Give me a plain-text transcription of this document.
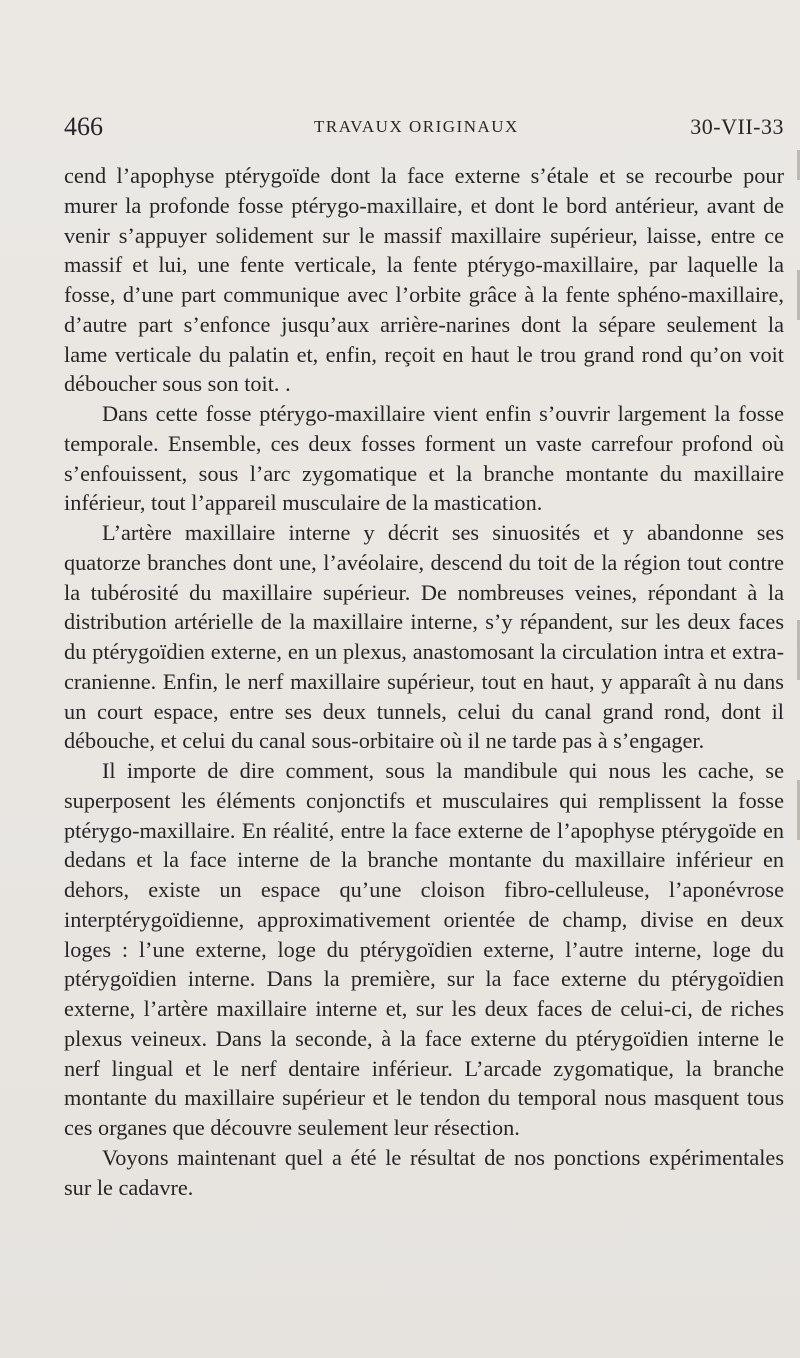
466	TRAVAUX ORIGINAUX	30-VII-33

cend l’apophyse ptérygoïde dont la face externe s’étale et se recourbe pour murer la profonde fosse ptérygo-maxillaire, et dont le bord antérieur, avant de venir s’appuyer solidement sur le massif maxillaire supérieur, laisse, entre ce massif et lui, une fente verticale, la fente ptérygo-maxillaire, par laquelle la fosse, d’une part communique avec l’orbite grâce à la fente sphéno-maxillaire, d’autre part s’enfonce jusqu’aux arrière-narines dont la sépare seulement la lame verticale du palatin et, enfin, reçoit en haut le trou grand rond qu’on voit déboucher sous son toit. .

Dans cette fosse ptérygo-maxillaire vient enfin s’ouvrir largement la fosse temporale. Ensemble, ces deux fosses forment un vaste carrefour profond où s’enfouissent, sous l’arc zygomatique et la branche montante du maxillaire inférieur, tout l’appareil musculaire de la mastication.

L’artère maxillaire interne y décrit ses sinuosités et y abandonne ses quatorze branches dont une, l’avéolaire, descend du toit de la région tout contre la tubérosité du maxillaire supérieur. De nombreuses veines, répondant à la distribution artérielle de la maxillaire interne, s’y répandent, sur les deux faces du ptérygoïdien externe, en un plexus, anastomosant la circulation intra et extra-cranienne. Enfin, le nerf maxillaire supérieur, tout en haut, y apparaît à nu dans un court espace, entre ses deux tunnels, celui du canal grand rond, dont il débouche, et celui du canal sous-orbitaire où il ne tarde pas à s’engager.

Il importe de dire comment, sous la mandibule qui nous les cache, se superposent les éléments conjonctifs et musculaires qui remplissent la fosse ptérygo-maxillaire. En réalité, entre la face externe de l’apophyse ptérygoïde en dedans et la face interne de la branche montante du maxillaire inférieur en dehors, existe un espace qu’une cloison fibro-celluleuse, l’aponévrose interptérygoïdienne, approximativement orientée de champ, divise en deux loges : l’une externe, loge du ptérygoïdien externe, l’autre interne, loge du ptérygoïdien interne. Dans la première, sur la face externe du ptérygoïdien externe, l’artère maxillaire interne et, sur les deux faces de celui-ci, de riches plexus veineux. Dans la seconde, à la face externe du ptérygoïdien interne le nerf lingual et le nerf dentaire inférieur. L’arcade zygomatique, la branche montante du maxillaire supérieur et le tendon du temporal nous masquent tous ces organes que découvre seulement leur résection.

Voyons maintenant quel a été le résultat de nos ponctions expérimentales sur le cadavre.
